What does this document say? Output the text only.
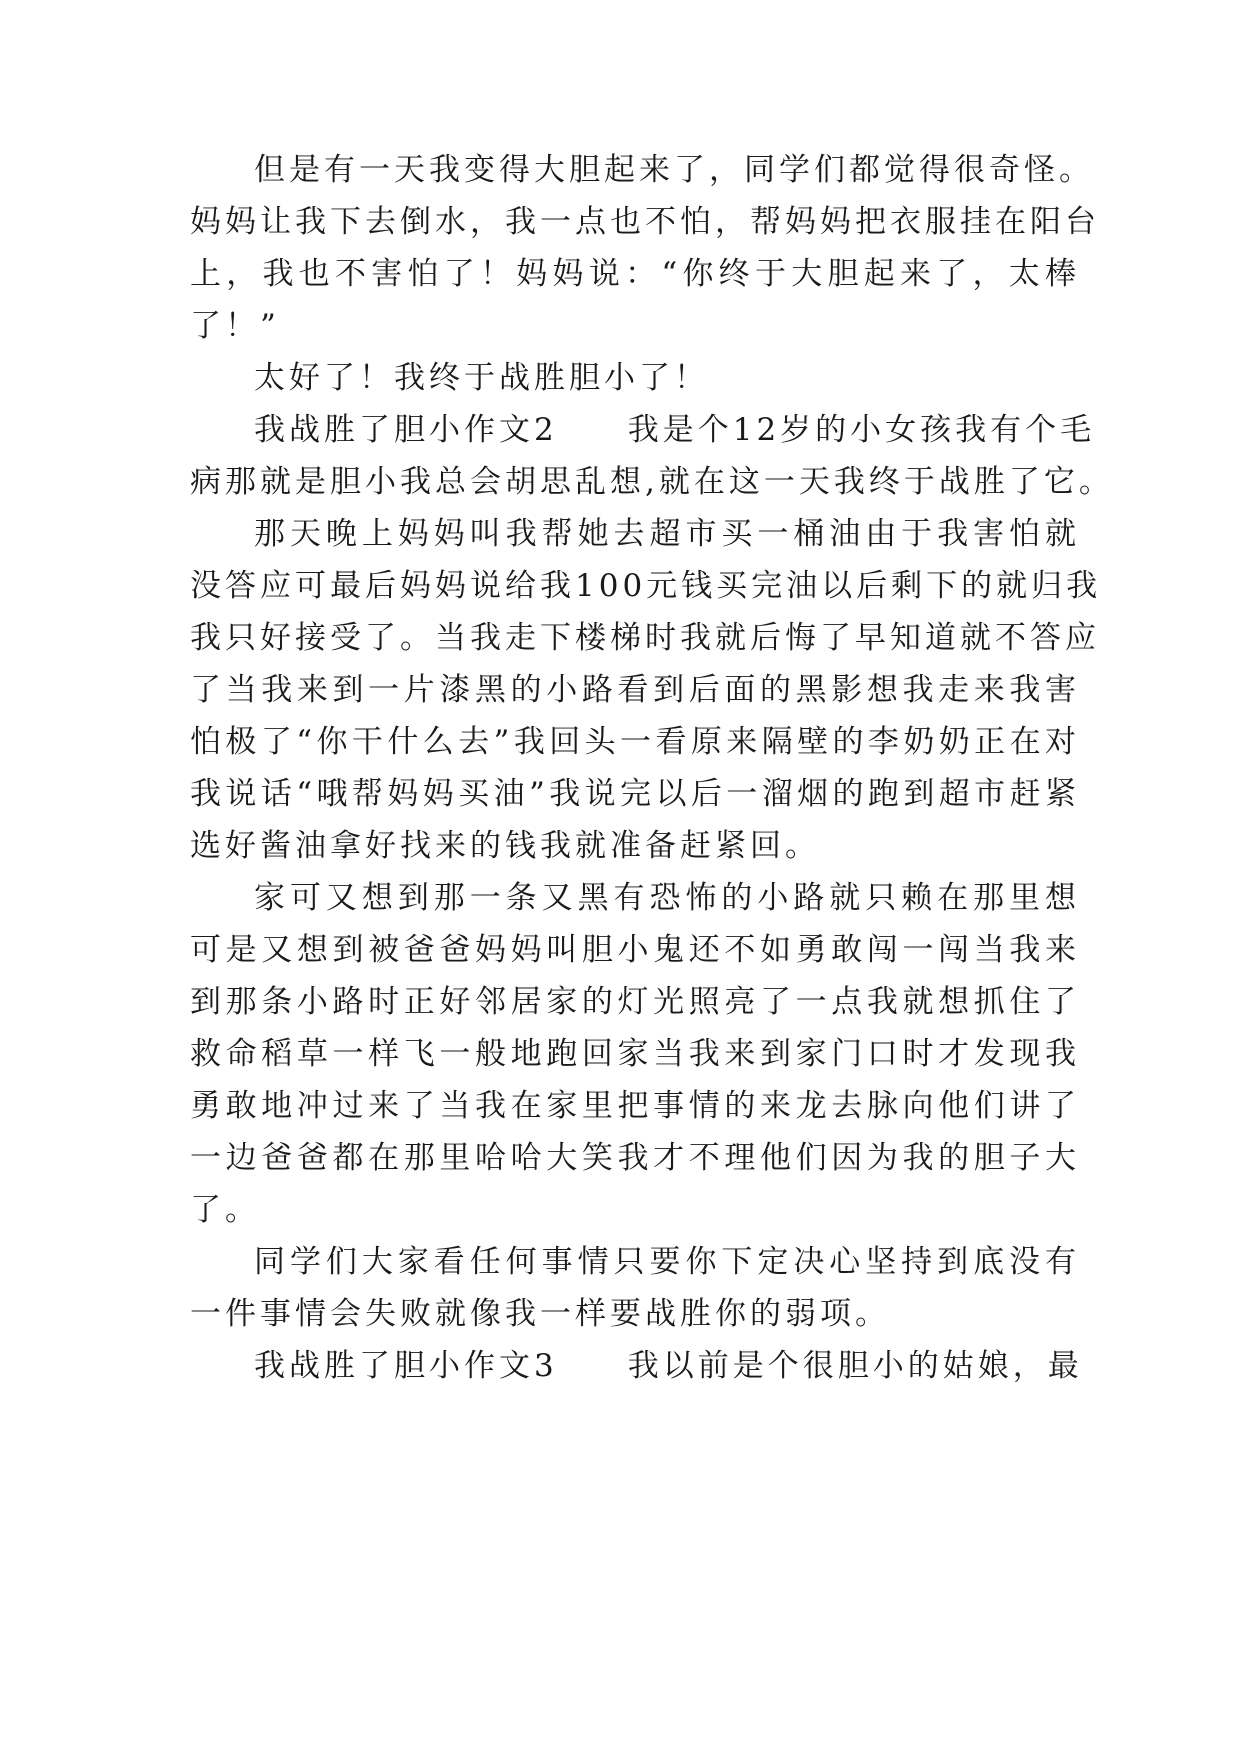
但是有一天我变得大胆起来了，同学们都觉得很奇怪。
妈妈让我下去倒水，我一点也不怕，帮妈妈把衣服挂在阳台
上，我也不害怕了！妈妈说：“你终于大胆起来了，太棒
了！”
太好了！我终于战胜胆小了！
我战胜了胆小作文2　　我是个12岁的小女孩我有个毛
病那就是胆小我总会胡思乱想,就在这一天我终于战胜了它。
那天晚上妈妈叫我帮她去超市买一桶油由于我害怕就
没答应可最后妈妈说给我100元钱买完油以后剩下的就归我
我只好接受了。当我走下楼梯时我就后悔了早知道就不答应
了当我来到一片漆黑的小路看到后面的黑影想我走来我害
怕极了“你干什么去”我回头一看原来隔壁的李奶奶正在对
我说话“哦帮妈妈买油”我说完以后一溜烟的跑到超市赶紧
选好酱油拿好找来的钱我就准备赶紧回。
家可又想到那一条又黑有恐怖的小路就只赖在那里想
可是又想到被爸爸妈妈叫胆小鬼还不如勇敢闯一闯当我来
到那条小路时正好邻居家的灯光照亮了一点我就想抓住了
救命稻草一样飞一般地跑回家当我来到家门口时才发现我
勇敢地冲过来了当我在家里把事情的来龙去脉向他们讲了
一边爸爸都在那里哈哈大笑我才不理他们因为我的胆子大
了。
同学们大家看任何事情只要你下定决心坚持到底没有
一件事情会失败就像我一样要战胜你的弱项。
我战胜了胆小作文3　　我以前是个很胆小的姑娘，最
